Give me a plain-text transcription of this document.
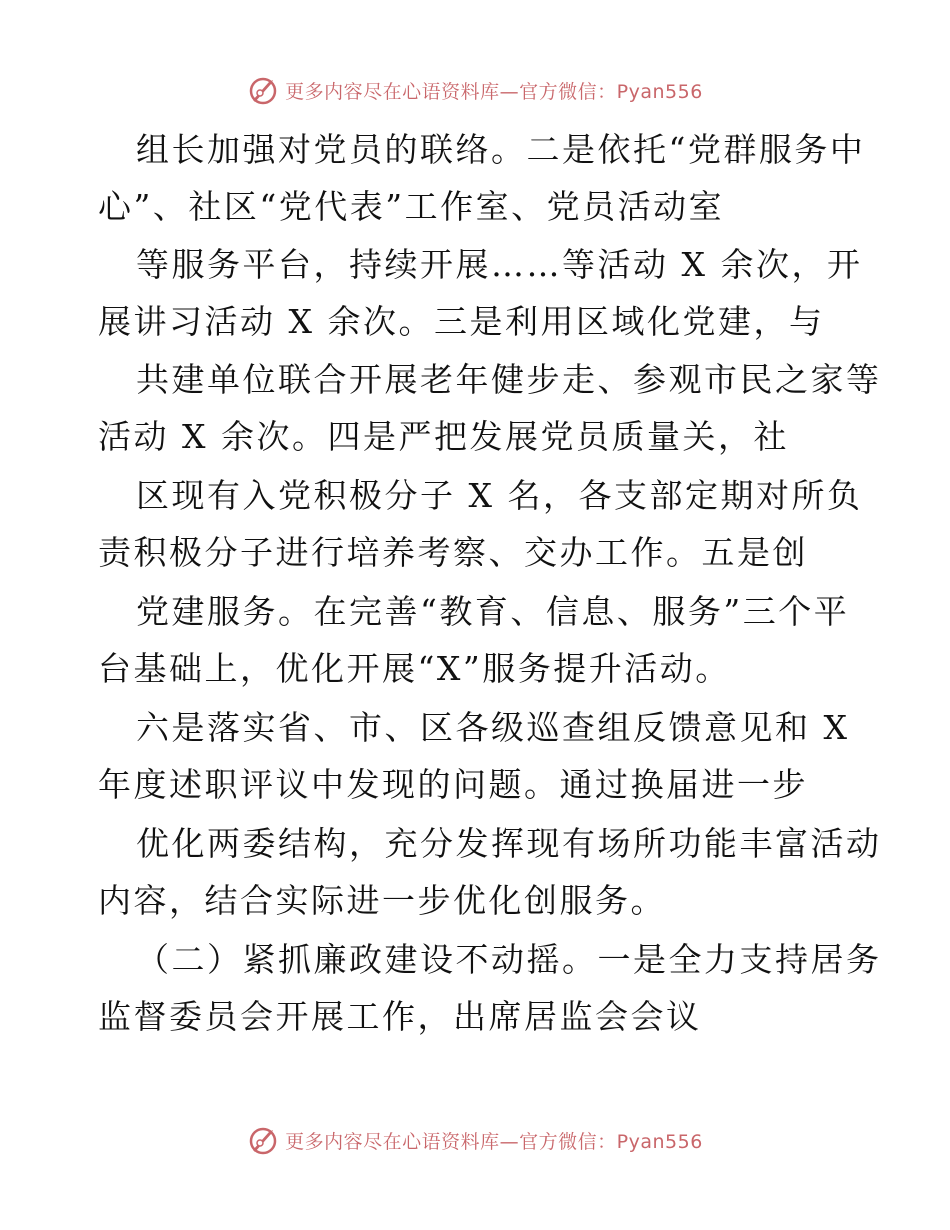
更多内容尽在心语资料库—官方微信：Pyan556
组长加强对党员的联络。二是依托“党群服务中
心”、社区“党代表”工作室、党员活动室
等服务平台，持续开展……等活动 X 余次，开
展讲习活动 X 余次。三是利用区域化党建，与
共建单位联合开展老年健步走、参观市民之家等
活动 X 余次。四是严把发展党员质量关，社
区现有入党积极分子 X 名，各支部定期对所负
责积极分子进行培养考察、交办工作。五是创
党建服务。在完善“教育、信息、服务”三个平
台基础上，优化开展“X”服务提升活动。
六是落实省、市、区各级巡查组反馈意见和 X
年度述职评议中发现的问题。通过换届进一步
优化两委结构，充分发挥现有场所功能丰富活动
内容，结合实际进一步优化创服务。
（二）紧抓廉政建设不动摇。一是全力支持居务
监督委员会开展工作，出席居监会会议
更多内容尽在心语资料库—官方微信：Pyan556
